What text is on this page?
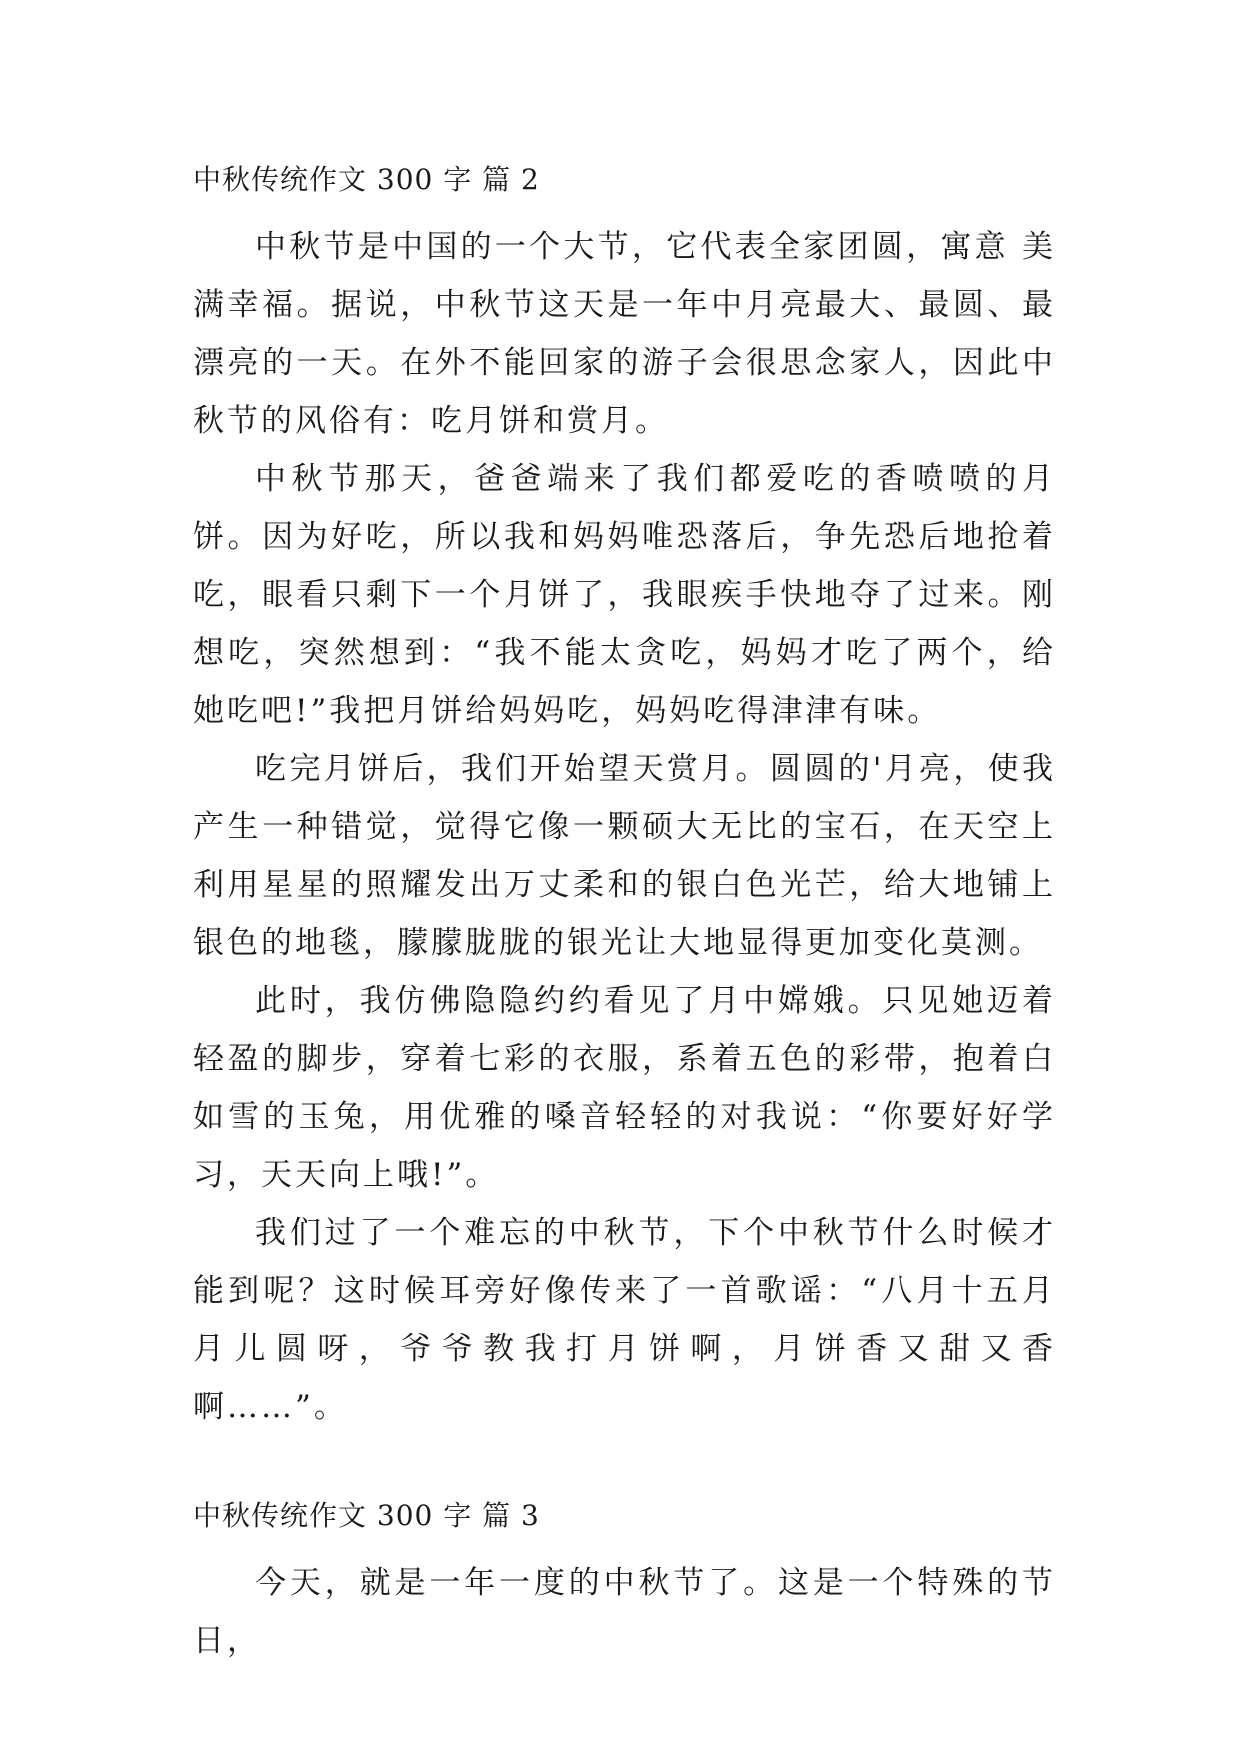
中秋传统作文 300 字 篇 2

中秋节是中国的一个大节，它代表全家团圆，寓意 美满幸福。据说，中秋节这天是一年中月亮最大、最圆、最漂亮的一天。在外不能回家的游子会很思念家人，因此中秋节的风俗有：吃月饼和赏月。

中秋节那天，爸爸端来了我们都爱吃的香喷喷的月饼。因为好吃，所以我和妈妈唯恐落后，争先恐后地抢着吃，眼看只剩下一个月饼了，我眼疾手快地夺了过来。刚想吃，突然想到：“我不能太贪吃，妈妈才吃了两个，给她吃吧!”我把月饼给妈妈吃，妈妈吃得津津有味。

吃完月饼后，我们开始望天赏月。圆圆的'月亮，使我产生一种错觉，觉得它像一颗硕大无比的宝石，在天空上利用星星的照耀发出万丈柔和的银白色光芒，给大地铺上银色的地毯，朦朦胧胧的银光让大地显得更加变化莫测。

此时，我仿佛隐隐约约看见了月中嫦娥。只见她迈着轻盈的脚步，穿着七彩的衣服，系着五色的彩带，抱着白如雪的玉兔，用优雅的嗓音轻轻的对我说：“你要好好学习，天天向上哦!”。

我们过了一个难忘的中秋节，下个中秋节什么时候才能到呢？这时候耳旁好像传来了一首歌谣：“八月十五月月儿圆呀，爷爷教我打月饼啊，月饼香又甜又香啊……”。

中秋传统作文 300 字 篇 3

今天，就是一年一度的中秋节了。这是一个特殊的节日，
